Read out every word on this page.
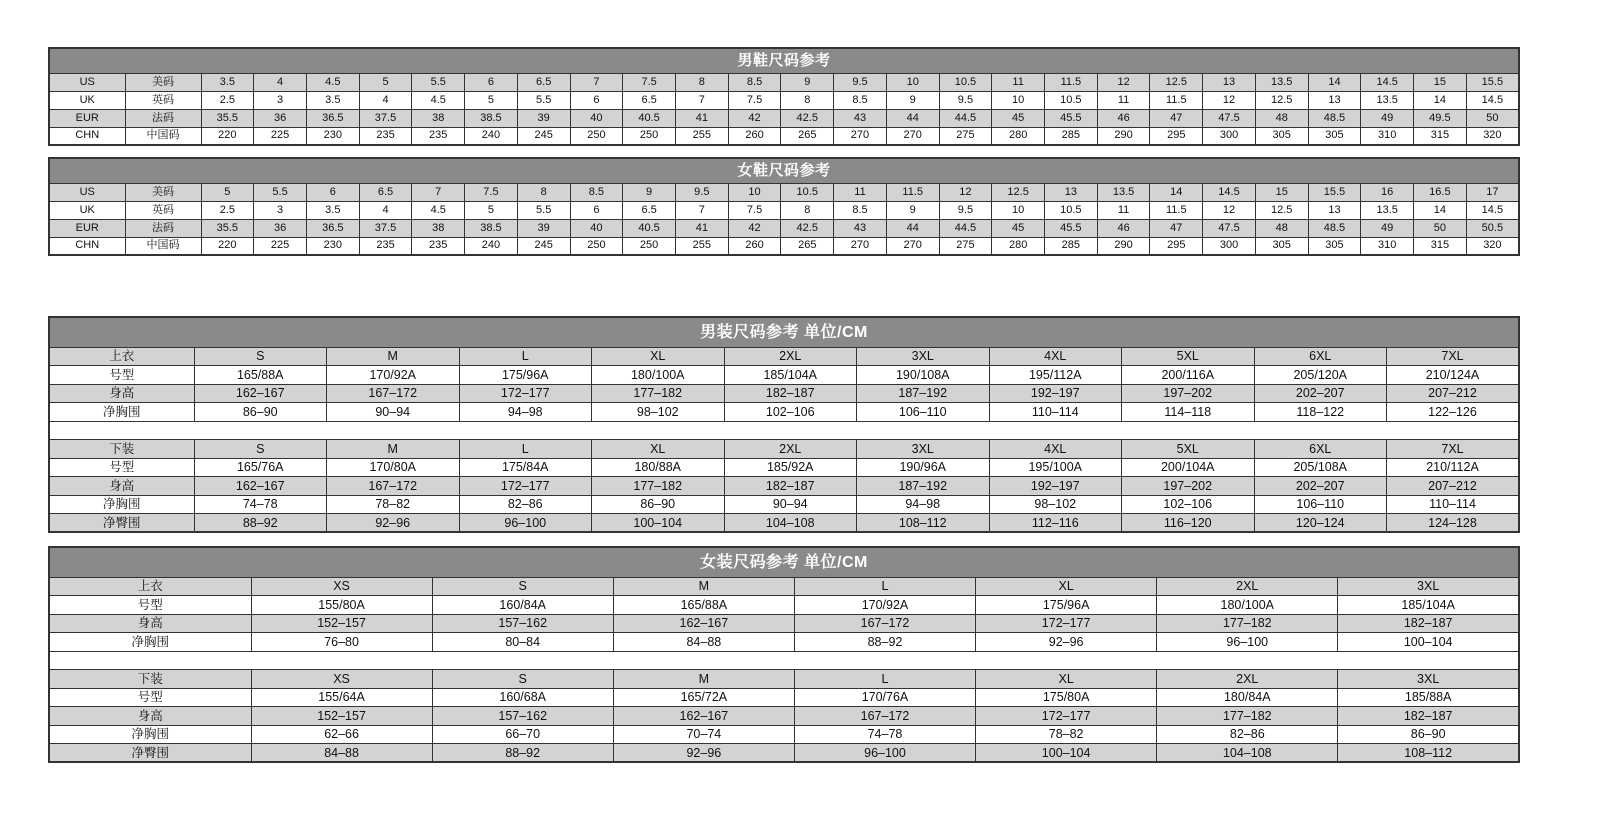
男鞋尺码参考																										
US	美码	3.5	4	4.5	5	5.5	6	6.5	7	7.5	8	8.5	9	9.5	10	10.5	11	11.5	12	12.5	13	13.5	14	14.5	15	15.5
UK	英码	2.5	3	3.5	4	4.5	5	5.5	6	6.5	7	7.5	8	8.5	9	9.5	10	10.5	11	11.5	12	12.5	13	13.5	14	14.5
EUR	法码	35.5	36	36.5	37.5	38	38.5	39	40	40.5	41	42	42.5	43	44	44.5	45	45.5	46	47	47.5	48	48.5	49	49.5	50
CHN	中国码	220	225	230	235	235	240	245	250	250	255	260	265	270	270	275	280	285	290	295	300	305	305	310	315	320
女鞋尺码参考																										
US	美码	5	5.5	6	6.5	7	7.5	8	8.5	9	9.5	10	10.5	11	11.5	12	12.5	13	13.5	14	14.5	15	15.5	16	16.5	17
UK	英码	2.5	3	3.5	4	4.5	5	5.5	6	6.5	7	7.5	8	8.5	9	9.5	10	10.5	11	11.5	12	12.5	13	13.5	14	14.5
EUR	法码	35.5	36	36.5	37.5	38	38.5	39	40	40.5	41	42	42.5	43	44	44.5	45	45.5	46	47	47.5	48	48.5	49	50	50.5
CHN	中国码	220	225	230	235	235	240	245	250	250	255	260	265	270	270	275	280	285	290	295	300	305	305	310	315	320
男装尺码参考 单位/CM										
上衣	S	M	L	XL	2XL	3XL	4XL	5XL	6XL	7XL
号型	165/88A	170/92A	175/96A	180/100A	185/104A	190/108A	195/112A	200/116A	205/120A	210/124A
身高	162–167	167–172	172–177	177–182	182–187	187–192	192–197	197–202	202–207	207–212
净胸围	86–90	90–94	94–98	98–102	102–106	106–110	110–114	114–118	118–122	122–126

下装	S	M	L	XL	2XL	3XL	4XL	5XL	6XL	7XL
号型	165/76A	170/80A	175/84A	180/88A	185/92A	190/96A	195/100A	200/104A	205/108A	210/112A
身高	162–167	167–172	172–177	177–182	182–187	187–192	192–197	197–202	202–207	207–212
净胸围	74–78	78–82	82–86	86–90	90–94	94–98	98–102	102–106	106–110	110–114
净臀围	88–92	92–96	96–100	100–104	104–108	108–112	112–116	116–120	120–124	124–128
女装尺码参考 单位/CM							
上衣	XS	S	M	L	XL	2XL	3XL
号型	155/80A	160/84A	165/88A	170/92A	175/96A	180/100A	185/104A
身高	152–157	157–162	162–167	167–172	172–177	177–182	182–187
净胸围	76–80	80–84	84–88	88–92	92–96	96–100	100–104

下装	XS	S	M	L	XL	2XL	3XL
号型	155/64A	160/68A	165/72A	170/76A	175/80A	180/84A	185/88A
身高	152–157	157–162	162–167	167–172	172–177	177–182	182–187
净胸围	62–66	66–70	70–74	74–78	78–82	82–86	86–90
净臀围	84–88	88–92	92–96	96–100	100–104	104–108	108–112
